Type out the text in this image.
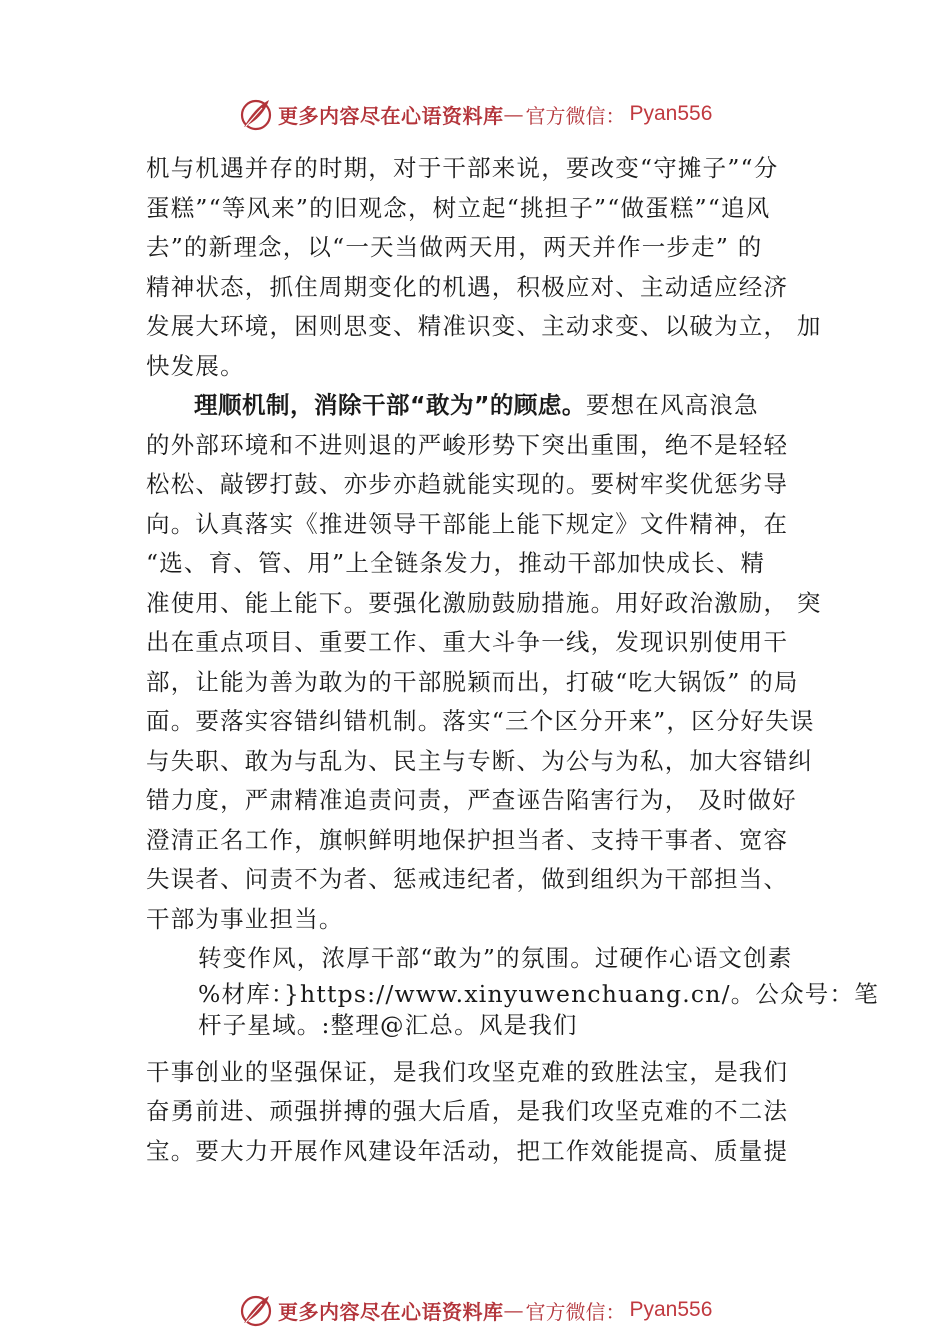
更多内容尽在心语资料库 — 官方微信： Pyan556
机与机遇并存的时期，对于干部来说，要改变“守摊子”“分
蛋糕”“等风来”的旧观念，树立起“挑担子”“做蛋糕”“追风
去”的新理念，以“一天当做两天用，两天并作一步走” 的
精神状态，抓住周期变化的机遇，积极应对、主动适应经济
发展大环境，困则思变、精准识变、主动求变、以破为立， 加
快发展。
理顺机制，消除干部“敢为”的顾虑。要想在风高浪急
的外部环境和不进则退的严峻形势下突出重围，绝不是轻轻
松松、敲锣打鼓、亦步亦趋就能实现的。要树牢奖优惩劣导
向。认真落实《推进领导干部能上能下规定》文件精神，在
“选、育、管、用”上全链条发力，推动干部加快成长、精
准使用、能上能下。要强化激励鼓励措施。用好政治激励， 突
出在重点项目、重要工作、重大斗争一线，发现识别使用干
部，让能为善为敢为的干部脱颖而出，打破“吃大锅饭” 的局
面。要落实容错纠错机制。落实“三个区分开来”，区分好失误
与失职、敢为与乱为、民主与专断、为公与为私，加大容错纠
错力度，严肃精准追责问责，严查诬告陷害行为， 及时做好
澄清正名工作，旗帜鲜明地保护担当者、支持干事者、宽容
失误者、问责不为者、惩戒违纪者，做到组织为干部担当、
干部为事业担当。
转变作风，浓厚干部“敢为”的氛围。过硬作心语文创素
%材库：}https://www.xinyuwenchuang.cn/。公众号：笔
杆子星域。:整理@汇总。风是我们
干事创业的坚强保证，是我们攻坚克难的致胜法宝，是我们
奋勇前进、顽强拼搏的强大后盾，是我们攻坚克难的不二法
宝。要大力开展作风建设年活动，把工作效能提高、质量提
更多内容尽在心语资料库 — 官方微信： Pyan556
